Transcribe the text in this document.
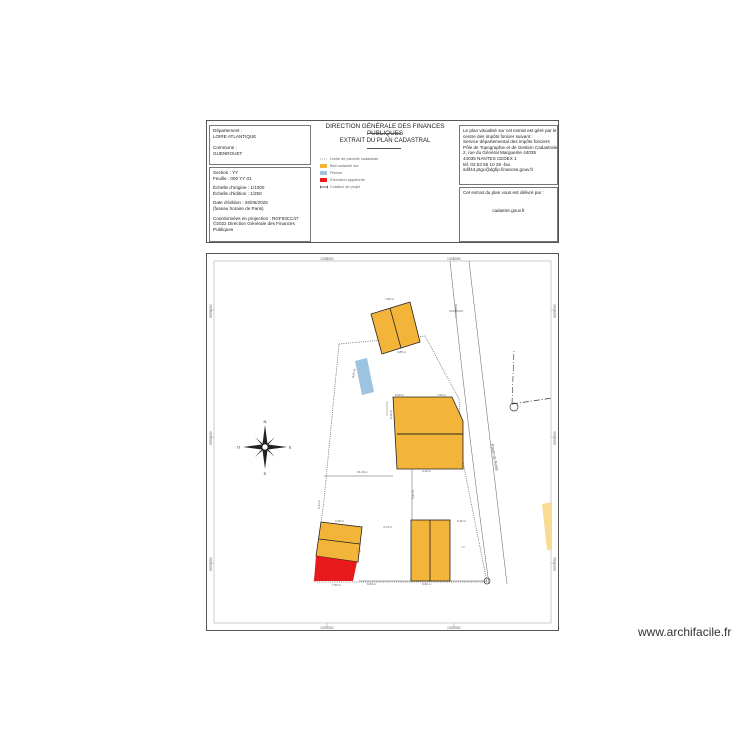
Département :
LOIRE ATLANTIQUE
Commune :
GUENROUET
Section : YY
Feuille : 000 YY 01
Échelle d'origine : 1/1000
Échelle d'édition : 1/250
Date d'édition : 26/06/2025
(fuseau horaire de Paris)
Coordonnées en projection : RGF93CC47
©2022 Direction Générale des Finances Publiques
DIRECTION GÉNÉRALE DES FINANCES PUBLIQUES
EXTRAIT DU PLAN CADASTRAL
Limite de parcelle cadastrale
Bâti cadastré dur
Piscine
Extension apparente
Cotation de projet
Le plan visualisé sur cet extrait est géré par le
centre des impôts foncier suivant :
Service départemental des impôts fonciers
Pôle de Topographie et de Gestion Cadastrale
2, rue du Général Marguerite 44035
44035 NANTES CEDEX 1
tél. 02 53 55 10 26 -fax
sdif44.ptgc@dgfip.finances.gouv.fr
Cet extrait du plan vous est délivré par :
cadastre.gouv.fr
1305300	1305350
1305300	1305350
6696050
6696000
6695950
6696050
6696000
6695950
Route de Beslé
7,80 m
4,85 m
8,60 m
6,40 m	7,00 m
8,20 m
15,18 m	3,10 m
6,97 m
4,73 m
6,40 m
3,15 m
5,23 m
9,00 m
6,00 m
7,50 m
N
S
E
O
www.archifacile.fr
